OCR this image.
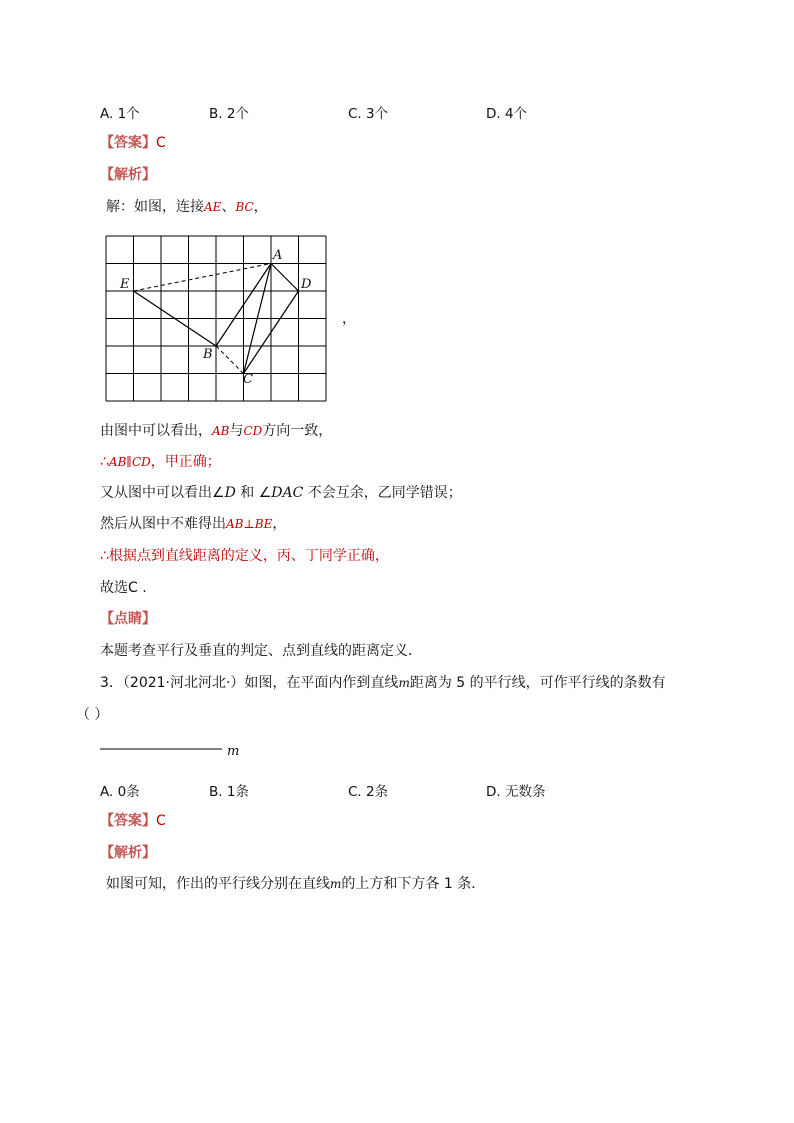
A. 1个	B. 2个	C. 3个	D. 4个
【答案】C
【解析】
解：如图，连接AE、BC，
A
D
E
B
C
，
由图中可以看出，AB与CD方向一致，
∴AB∥CD，甲正确；
又从图中可以看出∠D 和 ∠DAC 不会互余，乙同学错误；
然后从图中不难得出AB⊥BE，
∴根据点到直线距离的定义，丙、丁同学正确，
故选C .
【点睛】
本题考查平行及垂直的判定、点到直线的距离定义．
3．（2021·河北河北·）如图，在平面内作到直线m距离为 5 的平行线，可作平行线的条数有
（ ）
m
A. 0条	B. 1条	C. 2条	D. 无数条
【答案】C
【解析】
如图可知，作出的平行线分别在直线m的上方和下方各 1 条．
